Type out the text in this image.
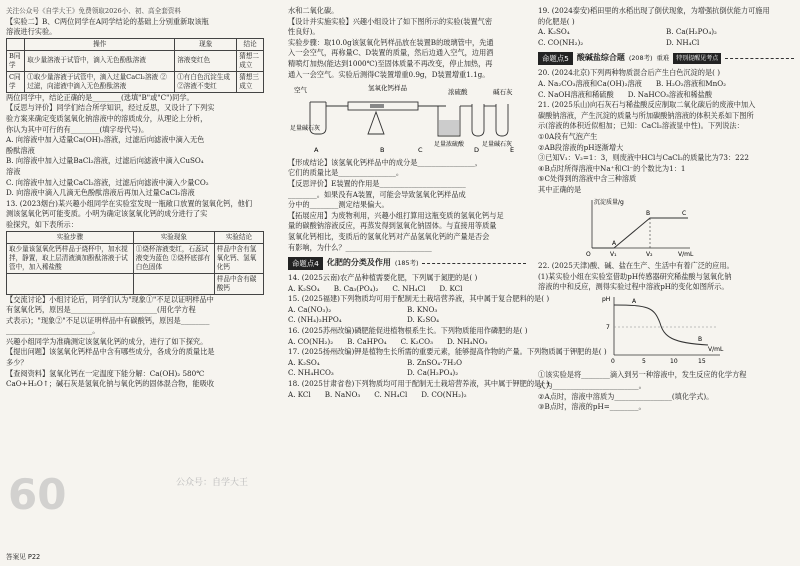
关注公众号《自学大王》免费领取2026小、初、高全套资料
【实验二】B、C两位同学在A同学结论的基础上分别重新取该瓶
溶液进行实验。
	操作	现象	结论
B同学	取少量溶液于试管中，滴入无色酚酞溶液	溶液变红色	猜想二成立
C同学	①取少量溶液于试管中，滴入过量CaCl₂溶液 ②过滤，向滤液中滴入无色酚酞溶液	①有白色沉淀生成 ②溶液不变红	猜想三成立
两位同学中，结论正确的是________(选填"B"或"C")同学。
【反思与评价】同学们结合所学知识，经过反思，又设计了下列实
验方案来确定变质氢氧化钠溶液中的溶质成分，从理论上分析，
你认为其中可行的有________(填字母代号)。
A. 向溶液中加入适量Ca(OH)₂溶液，过滤后向滤液中滴入无色
酚酞溶液
B. 向溶液中加入过量BaCl₂溶液，过滤后向滤液中滴入CuSO₄
溶液
C. 向溶液中加入过量CaCl₂溶液，过滤后向滤液中滴入少量CO₂
D. 向溶液中滴入几滴无色酚酞溶液后再加入过量CaCl₂溶液
13. (2023烟台)某兴趣小组同学在实验室发现一瓶敞口放置的氢氧化钙，他们
测该氢氧化钙可能变质。小明为确定该氢氧化钙的成分进行了实
验探究，如下表所示：
实验步骤	实验现象	实验结论
取少量该氢氧化钙样品于烧杯中，加水搅拌，静置，取上层清液滴加酚酞溶液于试管中，加入稀盐酸	①烧杯溶液变红，石蕊试液变为蓝色 ②烧杯底部有白色固体	样品中含有氢氧化钙、氢氧化钙
		样品中含有碳酸钙
【交流讨论】小组讨论后，同学们认为"现象①"不足以证明样品中
有氢氧化钙，原因是________________________(用化学方程
式表示)；"现象②"不足以证明样品中有碳酸钙，原因是________
________________________。
兴趣小组同学为准确测定该氢氧化钙的成分，进行了如下探究。
【提出问题】该氢氧化钙样品中含有哪些成分，各成分的质量比是
多少？
【查阅资料】氢氧化钙在一定温度下能分解：Ca(OH)₂ 580℃
CaO+H₂O↑；碱石灰是氢氧化钠与氧化钙的固体混合物，能吸收
60	公众号：自学大王
答案见 P22
水和二氧化碳。
【设计并实施实验】兴趣小组设计了如下图所示的实验(装置气密
性良好)。
实验步骤：取10.0g该氢氧化钙样品放在装置B的玻璃管中，先通
入一会空气，再称量C、D装置的质量，然后边通入空气，边用酒
精喷灯加热(能达到1000℃)至固体质量不再改变，停止加热，再
通入一会空气。实验后测得C装置增重0.9g，D装置增重1.1g。
空气	氢氧化钙样品	浓硫酸	碱石灰
足量碱石灰
足量浓硫酸	足量碱石灰
A	B	C	D	E
【形成结论】该氢氧化钙样品中的成分是________________，
它们的质量比是________________。
【反思评价】E装置的作用是________________________
________。如果没有A装置，可能会导致氢氧化钙样品成
分中的________测定结果偏大。
【拓展应用】为废物利用，兴趣小组打算用这瓶变质的氢氧化钙与足
量的碳酸钠溶液反应，再蒸发得到氢氧化钠固体。与直接用等质量
氢氧化钙相比，变质后的氢氧化钙对产品氢氧化钙的产量是否会
有影响，为什么？________________________
命题点4	化肥的分类及作用 (185考)
14. (2025云南)农产品种植需要化肥，下列属于氮肥的是( )
A. K₂SO₄ B. Ca₃(PO₄)₂ C. NH₄Cl D. KCl
15. (2025福建)下列物质均可用于配制无土栽培营养液，其中属于复合肥料的是( )
A. Ca(NO₃)₂	B. KNO₃
C. (NH₄)₂HPO₄	D. K₂SO₄
16. (2025苏州改编)磷肥能促进植物根系生长。下列物质能用作磷肥的是( )
A. CO(NH₂)₂ B. CaHPO₄ C. K₂CO₃ D. NH₄NO₃
17. (2025扬州改编)钾是植物生长所需的重要元素，能够提高作物的产量。下列物质属于钾肥的是( )
A. K₂SO₄	B. ZnSO₄·7H₂O
C. NH₄HCO₃	D. Ca(H₂PO₄)₂
18. (2025甘肃省卷)下列物质均可用于配制无土栽培营养液，其中属于钾肥的是( )
A. KCl B. NaNO₃ C. NH₄Cl D. CO(NH₂)₂
19. (2024泰安)稻田里的水稻出现了倒伏现象，为增强抗倒伏能力可施用
的化肥是( )
A. K₂SO₄	B. Ca(H₂PO₄)₂
C. CO(NH₂)₂	D. NH₄Cl
命题点5	酸碱盐综合题 (208考) 重难	特别提醒见考点
20. (2024北京)下列两种物质混合后产生白色沉淀的是( )
A. Na₂CO₃溶液和Ca(OH)₂溶液 B. H₂O₂溶液和MnO₂
C. NaOH溶液和稀硫酸 D. NaHCO₃溶液和稀盐酸
21. (2025乐山)向石灰石与稀盐酸反应制取二氧化碳后的废液中加入
碳酸钠溶液，产生沉淀的质量与所加碳酸钠溶液的体积关系如下图所
示(溶液的体积近似相加；已知：CaCl₂溶液显中性)。下列说法：
①0A段有气泡产生
②AB段溶液的pH逐渐增大
③已知V₁：V₂=1：3，则废液中HCl与CaCl₂的质量比为73：222
④B点时所得溶液中Na⁺和Cl⁻的个数比为1：1
⑤C处得到的溶液中含三种溶质
其中正确的是
沉淀质量/g
V/mL
O
A
B	C
V₁	V₂
22. (2025天津)酸、碱、盐在生产、生活中有着广泛的应用。
(1)某实验小组在实验室借助pH传感器研究稀盐酸与氢氧化钠
溶液的中和反应，测得实验过程中溶液pH的变化如图所示。
pH
7
0	5	10	15
V/mL
A
B
①该实验是将________滴入到另一种溶液中，发生反应的化学方程
式为________________________。
②A点时，溶液中溶质为________________(填化学式)。
③B点时，溶液的pH=________。
